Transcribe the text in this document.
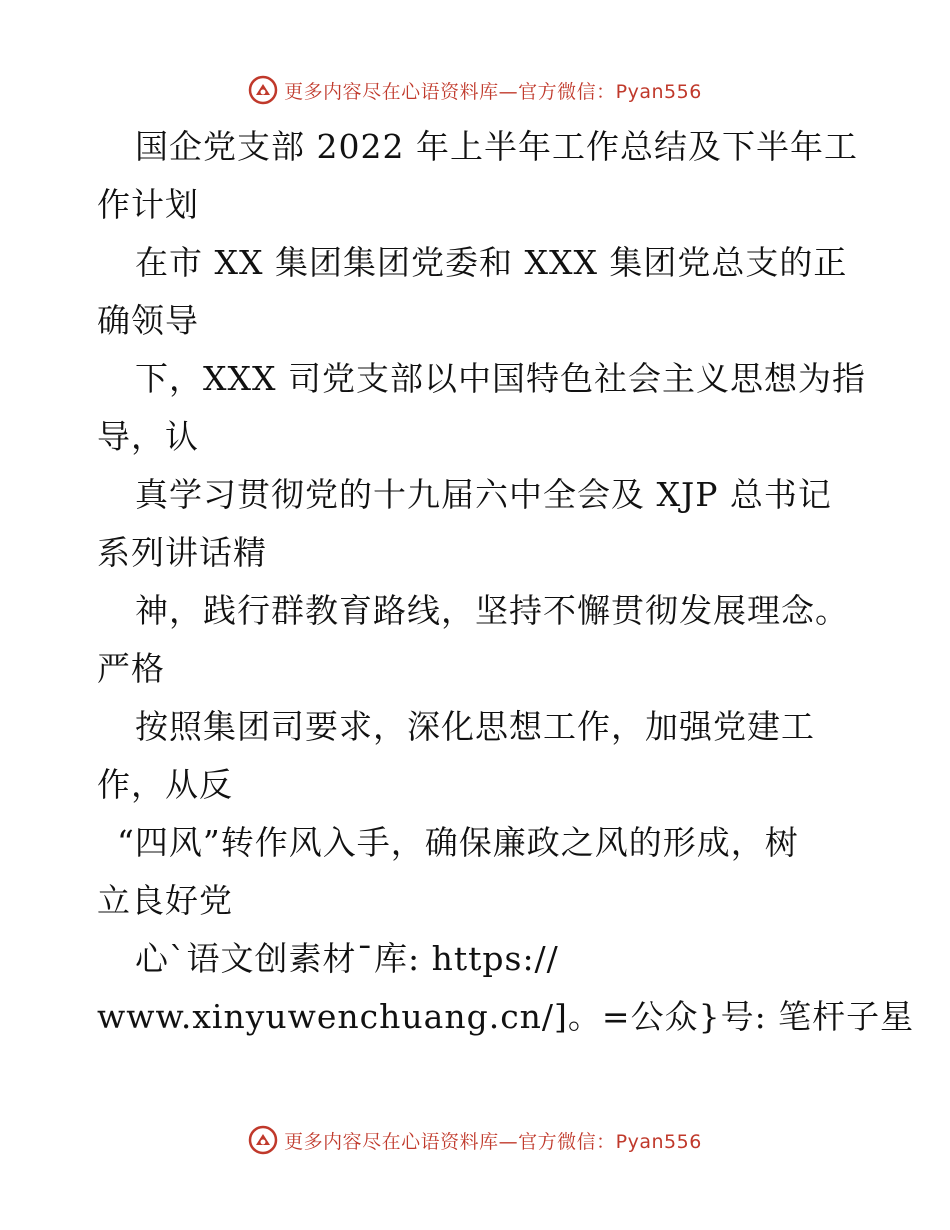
更多内容尽在心语资料库—官方微信：Pyan556
国企党支部 2022 年上半年工作总结及下半年工
作计划
在市 XX 集团集团党委和 XXX 集团党总支的正
确领导
下，XXX 司党支部以中国特色社会主义思想为指
导，认
真学习贯彻党的十九届六中全会及 XJP 总书记
系列讲话精
神，践行群教育路线，坚持不懈贯彻发展理念。
严格
按照集团司要求，深化思想工作，加强党建工
作，从反
“四风”转作风入手，确保廉政之风的形成，树
立良好党
心`语文创素材¯库: https://
www.xinyuwenchuang.cn/]。=公众}号: 笔杆子星
更多内容尽在心语资料库—官方微信：Pyan556
